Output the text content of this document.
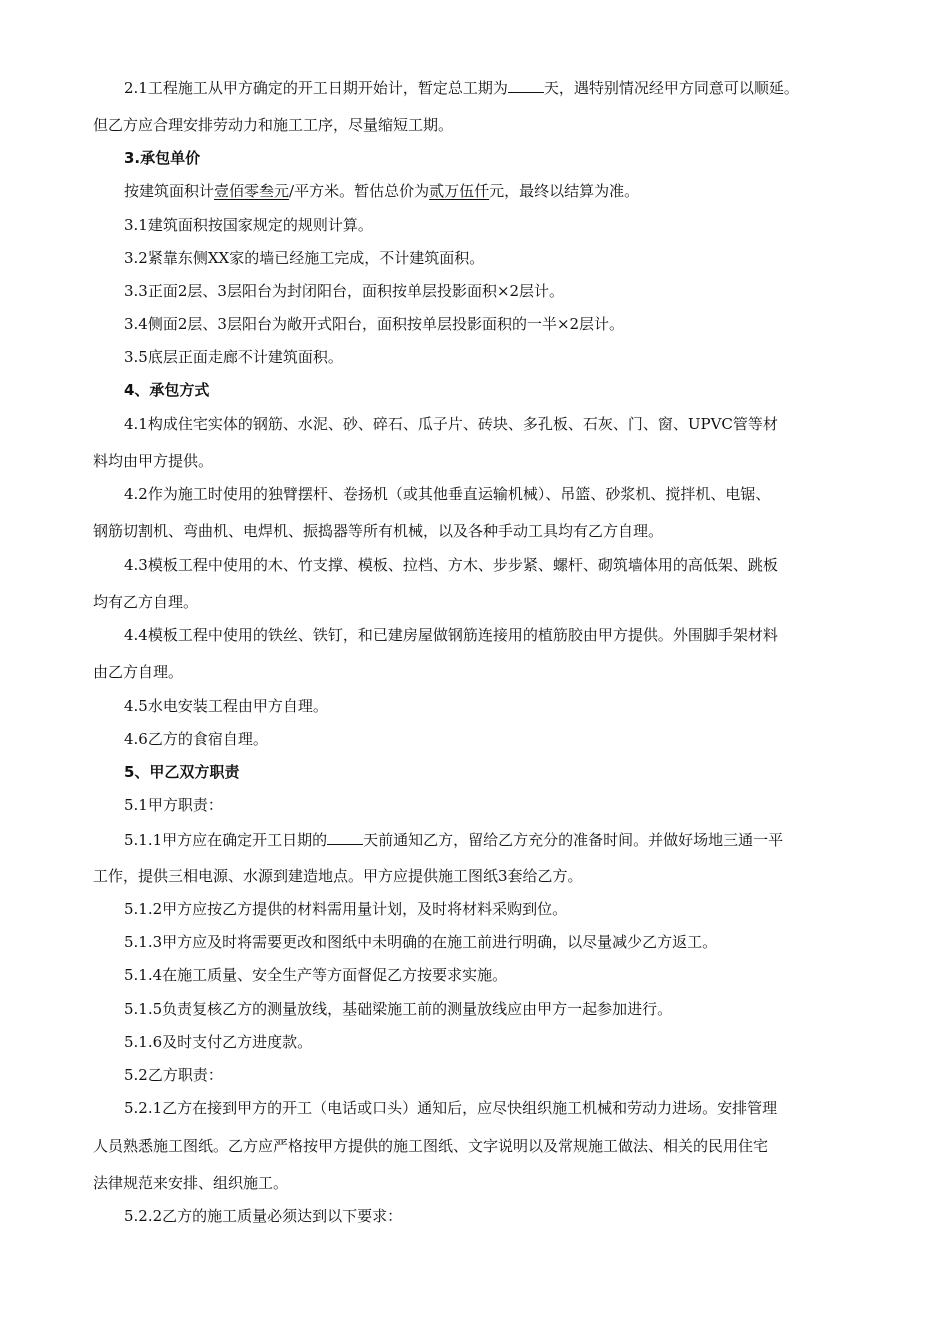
2.1工程施工从甲方确定的开工日期开始计，暂定总工期为 天，遇特别情况经甲方同意可以顺延。
但乙方应合理安排劳动力和施工工序，尽量缩短工期。
3.承包单价
按建筑面积计壹佰零叁元/平方米。暂估总价为贰万伍仟元，最终以结算为准。
3.1建筑面积按国家规定的规则计算。
3.2紧靠东侧XX家的墙已经施工完成，不计建筑面积。
3.3正面2层、3层阳台为封闭阳台，面积按单层投影面积×2层计。
3.4侧面2层、3层阳台为敞开式阳台，面积按单层投影面积的一半×2层计。
3.5底层正面走廊不计建筑面积。
4、承包方式
4.1构成住宅实体的钢筋、水泥、砂、碎石、瓜子片、砖块、多孔板、石灰、门、窗、UPVC管等材
料均由甲方提供。
4.2作为施工时使用的独臂摆杆、卷扬机（或其他垂直运输机械）、吊篮、砂浆机、搅拌机、电锯、
钢筋切割机、弯曲机、电焊机、振捣器等所有机械，以及各种手动工具均有乙方自理。
4.3模板工程中使用的木、竹支撑、模板、拉档、方木、步步紧、螺杆、砌筑墙体用的高低架、跳板
均有乙方自理。
4.4模板工程中使用的铁丝、铁钉，和已建房屋做钢筋连接用的植筋胶由甲方提供。外围脚手架材料
由乙方自理。
4.5水电安装工程由甲方自理。
4.6乙方的食宿自理。
5、甲乙双方职责
5.1甲方职责：
5.1.1甲方应在确定开工日期的 天前通知乙方，留给乙方充分的准备时间。并做好场地三通一平
工作，提供三相电源、水源到建造地点。甲方应提供施工图纸3套给乙方。
5.1.2甲方应按乙方提供的材料需用量计划，及时将材料采购到位。
5.1.3甲方应及时将需要更改和图纸中未明确的在施工前进行明确，以尽量减少乙方返工。
5.1.4在施工质量、安全生产等方面督促乙方按要求实施。
5.1.5负责复核乙方的测量放线，基础梁施工前的测量放线应由甲方一起参加进行。
5.1.6及时支付乙方进度款。
5.2乙方职责：
5.2.1乙方在接到甲方的开工（电话或口头）通知后，应尽快组织施工机械和劳动力进场。安排管理
人员熟悉施工图纸。乙方应严格按甲方提供的施工图纸、文字说明以及常规施工做法、相关的民用住宅
法律规范来安排、组织施工。
5.2.2乙方的施工质量必须达到以下要求：
